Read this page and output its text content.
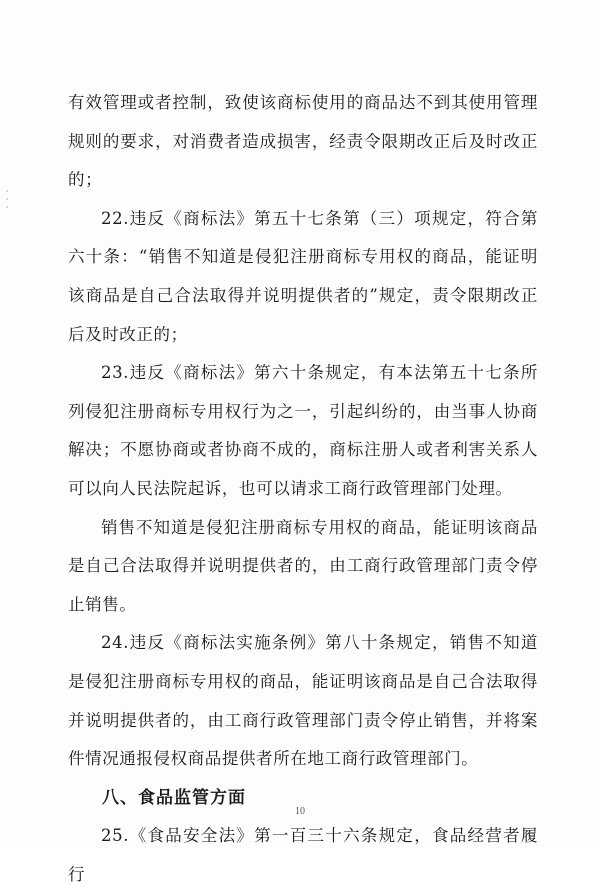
有效管理或者控制，致使该商标使用的商品达不到其使用管理规则的要求，对消费者造成损害，经责令限期改正后及时改正的；

22.违反《商标法》第五十七条第（三）项规定，符合第六十条：“销售不知道是侵犯注册商标专用权的商品，能证明该商品是自己合法取得并说明提供者的”规定，责令限期改正后及时改正的；

23.违反《商标法》第六十条规定，有本法第五十七条所列侵犯注册商标专用权行为之一，引起纠纷的，由当事人协商解决；不愿协商或者协商不成的，商标注册人或者利害关系人可以向人民法院起诉，也可以请求工商行政管理部门处理。

销售不知道是侵犯注册商标专用权的商品，能证明该商品是自己合法取得并说明提供者的，由工商行政管理部门责令停止销售。

24.违反《商标法实施条例》第八十条规定，销售不知道是侵犯注册商标专用权的商品，能证明该商品是自己合法取得并说明提供者的，由工商行政管理部门责令停止销售，并将案件情况通报侵权商品提供者所在地工商行政管理部门。

八、食品监管方面

25.《食品安全法》第一百三十六条规定，食品经营者履行

10
